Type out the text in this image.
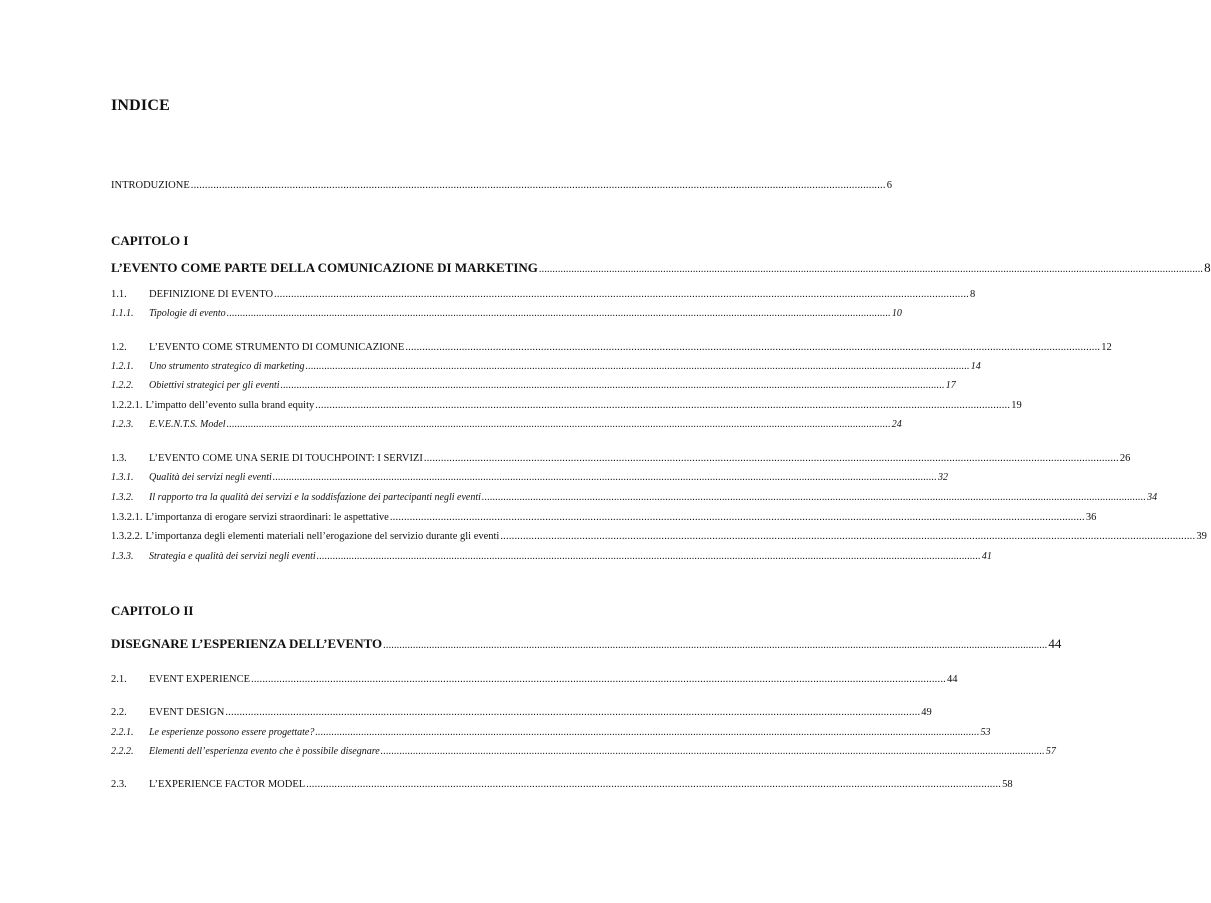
INDICE
INTRODUZIONE .....	6
CAPITOLO I
L’EVENTO COME PARTE DELLA COMUNICAZIONE DI MARKETING .....	8
1.1.	DEFINIZIONE DI EVENTO .....	8
1.1.1.	Tipologie di evento .....	10
1.2.	L’EVENTO COME STRUMENTO DI COMUNICAZIONE .....	12
1.2.1.	Uno strumento strategico di marketing .....	14
1.2.2.	Obiettivi strategici per gli eventi .....	17
1.2.2.1. L’impatto dell’evento sulla brand equity .....	19
1.2.3.	E.V.E.N.T.S. Model .....	24
1.3.	L’EVENTO COME UNA SERIE DI TOUCHPOINT: I SERVIZI .....	26
1.3.1.	Qualità dei servizi negli eventi .....	32
1.3.2.	Il rapporto tra la qualità dei servizi e la soddisfazione dei partecipanti negli eventi .....	34
1.3.2.1. L’importanza di erogare servizi straordinari: le aspettative .....	36
1.3.2.2. L’importanza degli elementi materiali nell’erogazione del servizio durante gli eventi .....	39
1.3.3.	Strategia e qualità dei servizi negli eventi .....	41
CAPITOLO II
DISEGNARE L’ESPERIENZA DELL’EVENTO .....	44
2.1.	EVENT EXPERIENCE .....	44
2.2.	EVENT DESIGN .....	49
2.2.1.	Le esperienze possono essere progettate? .....	53
2.2.2.	Elementi dell’esperienza evento che è possibile disegnare .....	57
2.3.	L’EXPERIENCE FACTOR MODEL .....	58
